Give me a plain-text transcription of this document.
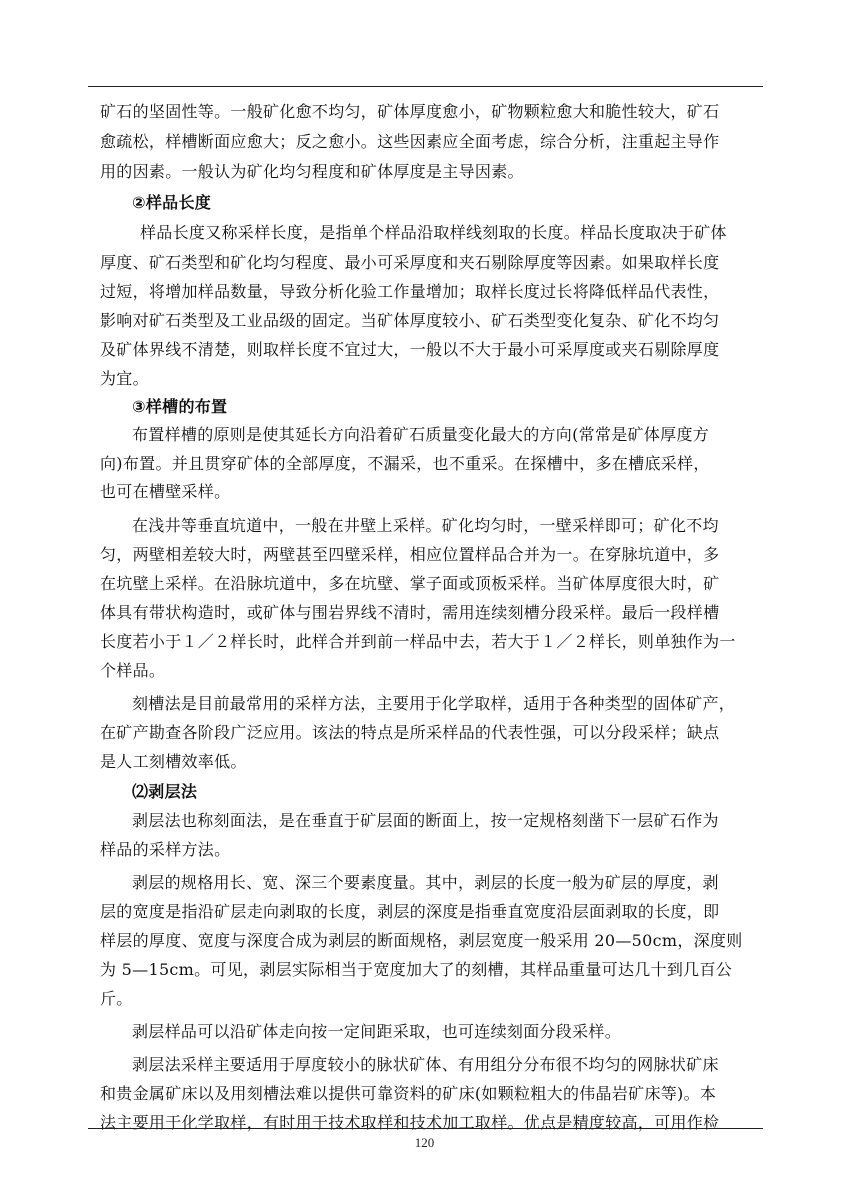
矿石的坚固性等。一般矿化愈不均匀，矿体厚度愈小，矿物颗粒愈大和脆性较大，矿石
愈疏松，样槽断面应愈大；反之愈小。这些因素应全面考虑，综合分析，注重起主导作
用的因素。一般认为矿化均匀程度和矿体厚度是主导因素。
②样品长度
样品长度又称采样长度，是指单个样品沿取样线刻取的长度。样品长度取决于矿体
厚度、矿石类型和矿化均匀程度、最小可采厚度和夹石剔除厚度等因素。如果取样长度
过短，将增加样品数量，导致分析化验工作量增加；取样长度过长将降低样品代表性，
影响对矿石类型及工业品级的固定。当矿体厚度较小、矿石类型变化复杂、矿化不均匀
及矿体界线不清楚，则取样长度不宜过大，一般以不大于最小可采厚度或夹石剔除厚度
为宜。
③样槽的布置
布置样槽的原则是使其延长方向沿着矿石质量变化最大的方向(常常是矿体厚度方
向)布置。并且贯穿矿体的全部厚度，不漏采，也不重采。在探槽中，多在槽底采样，
也可在槽壁采样。
在浅井等垂直坑道中，一般在井壁上采样。矿化均匀时，一壁采样即可；矿化不均
匀，两壁相差较大时，两壁甚至四壁采样，相应位置样品合并为一。在穿脉坑道中，多
在坑壁上采样。在沿脉坑道中，多在坑壁、掌子面或顶板采样。当矿体厚度很大时，矿
体具有带状构造时，或矿体与围岩界线不清时，需用连续刻槽分段采样。最后一段样槽
长度若小于１／２样长时，此样合并到前一样品中去，若大于１／２样长，则单独作为一
个样品。
刻槽法是目前最常用的采样方法，主要用于化学取样，适用于各种类型的固体矿产，
在矿产勘查各阶段广泛应用。该法的特点是所采样品的代表性强，可以分段采样；缺点
是人工刻槽效率低。
⑵剥层法
剥层法也称刻面法，是在垂直于矿层面的断面上，按一定规格刻凿下一层矿石作为
样品的采样方法。
剥层的规格用长、宽、深三个要素度量。其中，剥层的长度一般为矿层的厚度，剥
层的宽度是指沿矿层走向剥取的长度，剥层的深度是指垂直宽度沿层面剥取的长度，即
样层的厚度、宽度与深度合成为剥层的断面规格，剥层宽度一般采用 20—50cm，深度则
为 5—15cm。可见，剥层实际相当于宽度加大了的刻槽，其样品重量可达几十到几百公
斤。
剥层样品可以沿矿体走向按一定间距采取，也可连续刻面分段采样。
剥层法采样主要适用于厚度较小的脉状矿体、有用组分分布很不均匀的网脉状矿床
和贵金属矿床以及用刻槽法难以提供可靠资料的矿床(如颗粒粗大的伟晶岩矿床等)。本
法主要用于化学取样，有时用于技术取样和技术加工取样。优点是精度较高，可用作检
120
